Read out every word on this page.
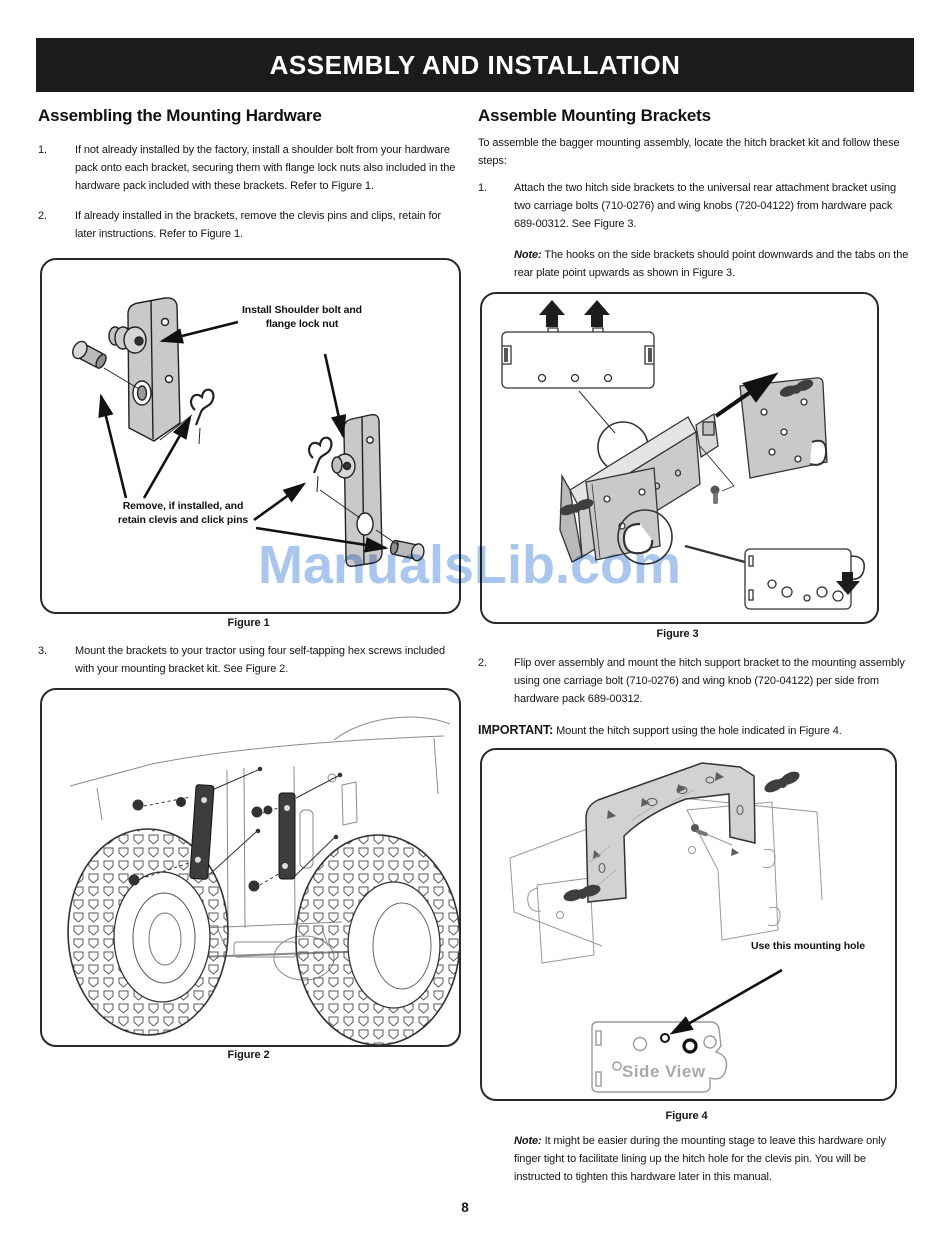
ASSEMBLY AND INSTALLATION
Assembling the Mounting Hardware
1.	If not already installed by the factory, install a shoulder bolt from your hardware pack onto each bracket, securing them with flange lock nuts also included in the hardware pack included with these brackets. Refer to Figure 1.
2.	If already installed in the brackets, remove the clevis pins and clips, retain for later instructions. Refer to Figure 1.
Install Shoulder bolt and flange lock nut
Remove, if installed, and retain clevis and click pins
Figure 1
3.	Mount the brackets to your tractor using four self-tapping hex screws included with your mounting bracket kit. See Figure 2.
Figure 2
Assemble Mounting Brackets
To assemble the bagger mounting assembly, locate the hitch bracket kit and follow these steps:
1.	Attach the two hitch side brackets to the universal rear attachment bracket using two carriage bolts (710-0276) and wing knobs (720-04122) from hardware pack 689-00312. See Figure 3.
Note: The hooks on the side brackets should point downwards and the tabs on the rear plate point upwards as shown in Figure 3.
Figure 3
2.	Flip over assembly and mount the hitch support bracket to the mounting assembly using one carriage bolt (710-0276) and wing knob (720-04122) per side from hardware pack 689-00312.
IMPORTANT: Mount the hitch support using the hole indicated in Figure 4.
Use this mounting hole
Side View
Figure 4
Note: It might be easier during the mounting stage to leave this hardware only finger tight to facilitate lining up the hitch hole for the clevis pin. You will be instructed to tighten this hardware later in this manual.
ManualsLib.com
8
